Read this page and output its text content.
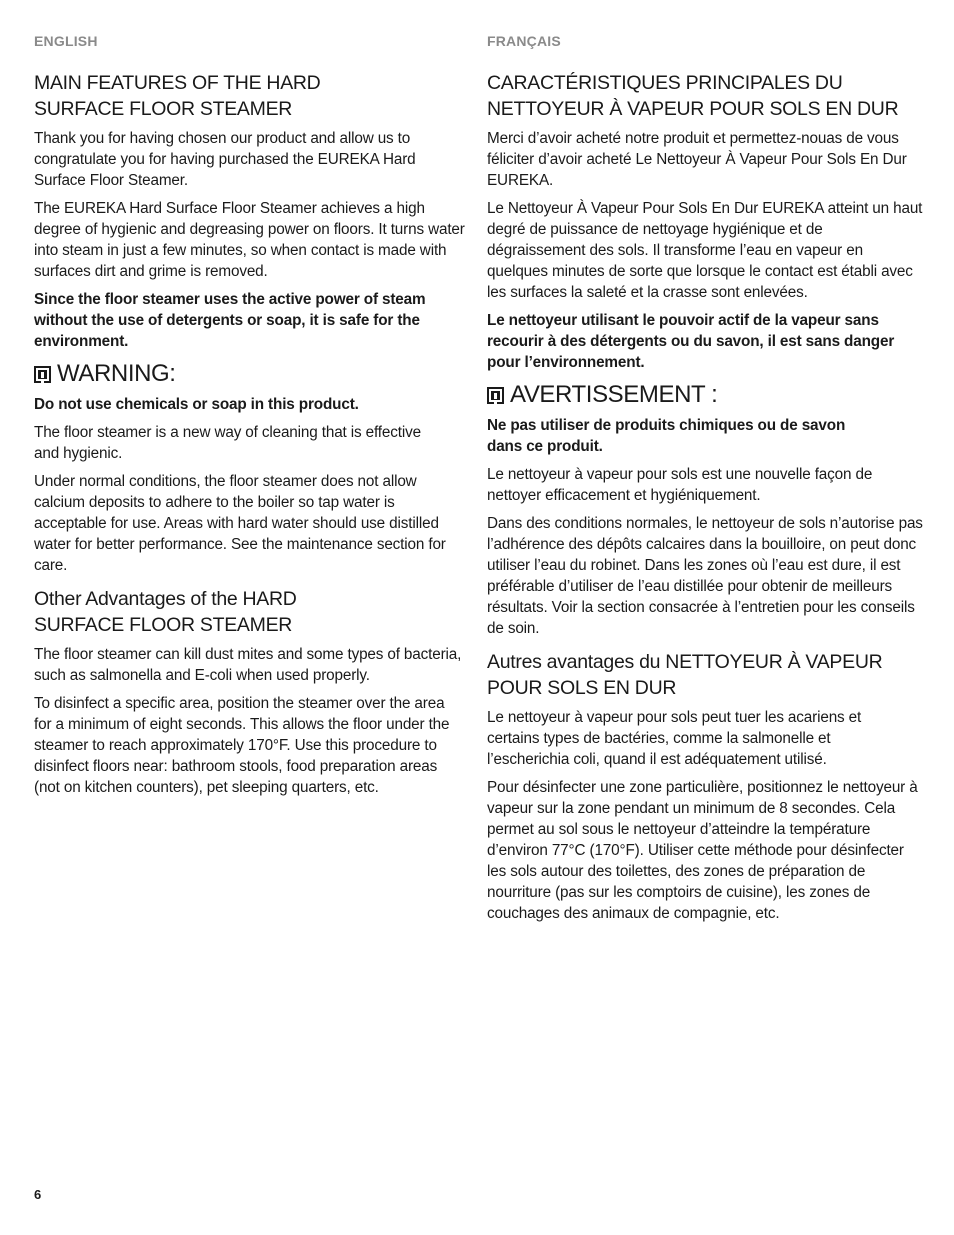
ENGLISH
MAIN FEATURES OF THE HARD SURFACE FLOOR STEAMER

Thank you for having chosen our product and allow us to congratulate you for having purchased the EUREKA Hard Surface Floor Steamer.

The EUREKA Hard Surface Floor Steamer achieves a high degree of hygienic and degreasing power on floors. It turns water into steam in just a few minutes, so when contact is made with surfaces dirt and grime is removed.

Since the floor steamer uses the active power of steam without the use of detergents or soap, it is safe for the environment.

WARNING:

Do not use chemicals or soap in this product.

The floor steamer is a new way of cleaning that is effective and hygienic.

Under normal conditions, the floor steamer does not allow calcium deposits to adhere to the boiler so tap water is acceptable for use. Areas with hard water should use distilled water for better performance. See the maintenance section for care.

Other Advantages of the HARD SURFACE FLOOR STEAMER

The floor steamer can kill dust mites and some types of bacteria, such as salmonella and E-coli when used properly.

To disinfect a specific area, position the steamer over the area for a minimum of eight seconds. This allows the floor under the steamer to reach approximately 170°F. Use this procedure to disinfect floors near: bathroom stools, food preparation areas (not on kitchen counters), pet sleeping quarters, etc.

FRANÇAIS
CARACTÉRISTIQUES PRINCIPALES DU NETTOYEUR À VAPEUR POUR SOLS EN DUR

Merci d’avoir acheté notre produit et permettez-nouas de vous féliciter d’avoir acheté Le Nettoyeur À Vapeur Pour Sols En Dur EUREKA.

Le Nettoyeur À Vapeur Pour Sols En Dur EUREKA atteint un haut degré de puissance de nettoyage hygiénique et de dégraissement des sols. Il transforme l’eau en vapeur en quelques minutes de sorte que lorsque le contact est établi avec les surfaces la saleté et la crasse sont enlevées.

Le nettoyeur utilisant le pouvoir actif de la vapeur sans recourir à des détergents ou du savon, il est sans danger pour l’environnement.

AVERTISSEMENT :

Ne pas utiliser de produits chimiques ou de savon dans ce produit.

Le nettoyeur à vapeur pour sols est une nouvelle façon de nettoyer efficacement et hygiéniquement.

Dans des conditions normales, le nettoyeur de sols n’autorise pas l’adhérence des dépôts calcaires dans la bouilloire, on peut donc utiliser l’eau du robinet. Dans les zones où l’eau est dure, il est préférable d’utiliser de l’eau distillée pour obtenir de meilleurs résultats. Voir la section consacrée à l’entretien pour les conseils de soin.

Autres avantages du NETTOYEUR À VAPEUR POUR SOLS EN DUR

Le nettoyeur à vapeur pour sols peut tuer les acariens et certains types de bactéries, comme la salmonelle et l’escherichia coli, quand il est adéquatement utilisé.

Pour désinfecter une zone particulière, positionnez le nettoyeur à vapeur sur la zone pendant un minimum de 8 secondes. Cela permet au sol sous le nettoyeur d’atteindre la température d’environ 77°C (170°F). Utiliser cette méthode pour désinfecter les sols autour des toilettes, des zones de préparation de nourriture (pas sur les comptoirs de cuisine), les zones de couchages des animaux de compagnie, etc.

6
